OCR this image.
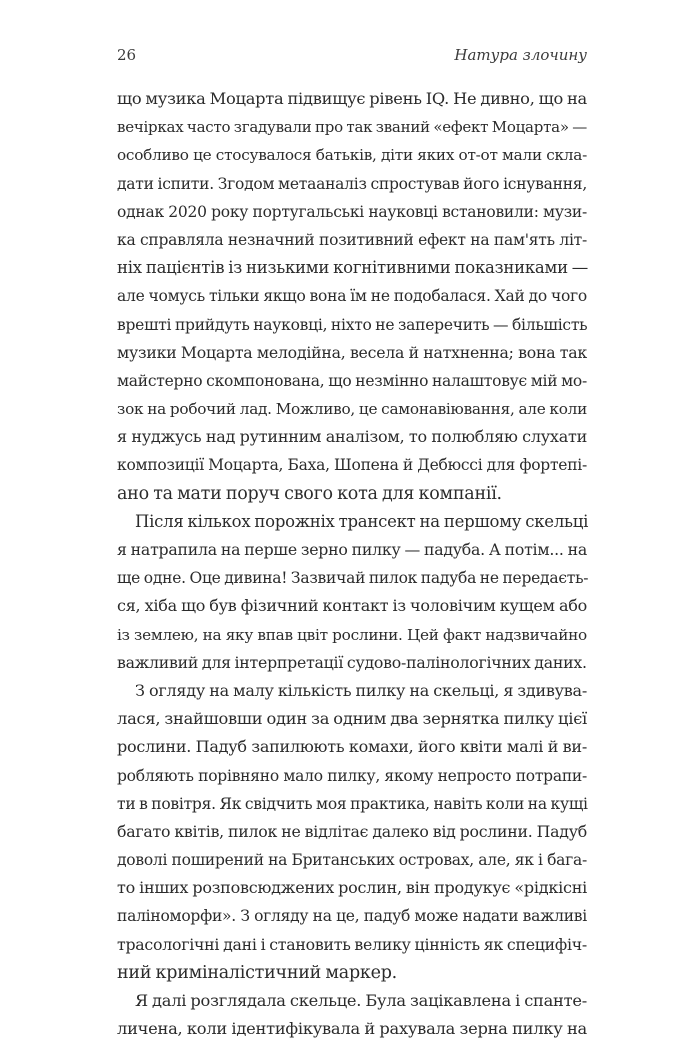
26	Натура злочину
що музика Моцарта підвищує рівень IQ. Не дивно, що на
вечірках часто згадували про так званий «ефект Моцарта» —
особливо це стосувалося батьків, діти яких от-от мали скла-
дати іспити. Згодом метааналіз спростував його існування,
однак 2020 року португальські науковці встановили: музи-
ка справляла незначний позитивний ефект на пам'ять літ-
ніх пацієнтів із низькими когнітивними показниками —
але чомусь тільки якщо вона їм не подобалася. Хай до чого
врешті прийдуть науковці, ніхто не заперечить — більшість
музики Моцарта мелодійна, весела й натхненна; вона так
майстерно скомпонована, що незмінно налаштовує мій мо-
зок на робочий лад. Можливо, це самонавіювання, але коли
я нуджусь над рутинним аналізом, то полюбляю слухати
композиції Моцарта, Баха, Шопена й Дебюссі для фортепі-
ано та мати поруч свого кота для компанії.
Після кількох порожніх трансект на першому скельці
я натрапила на перше зерно пилку — падуба. А потім... на
ще одне. Оце дивина! Зазвичай пилок падуба не передаєть-
ся, хіба що був фізичний контакт із чоловічим кущем або
із землею, на яку впав цвіт рослини. Цей факт надзвичайно
важливий для інтерпретації судово-палінологічних даних.
З огляду на малу кількість пилку на скельці, я здивува-
лася, знайшовши один за одним два зернятка пилку цієї
рослини. Падуб запилюють комахи, його квіти малі й ви-
робляють порівняно мало пилку, якому непросто потрапи-
ти в повітря. Як свідчить моя практика, навіть коли на кущі
багато квітів, пилок не відлітає далеко від рослини. Падуб
доволі поширений на Британських островах, але, як і бага-
то інших розповсюджених рослин, він продукує «рідкісні
паліноморфи». З огляду на це, падуб може надати важливі
трасологічні дані і становить велику цінність як специфіч-
ний криміналістичний маркер.
Я далі розглядала скельце. Була зацікавлена і спанте-
личена, коли ідентифікувала й рахувала зерна пилку на
